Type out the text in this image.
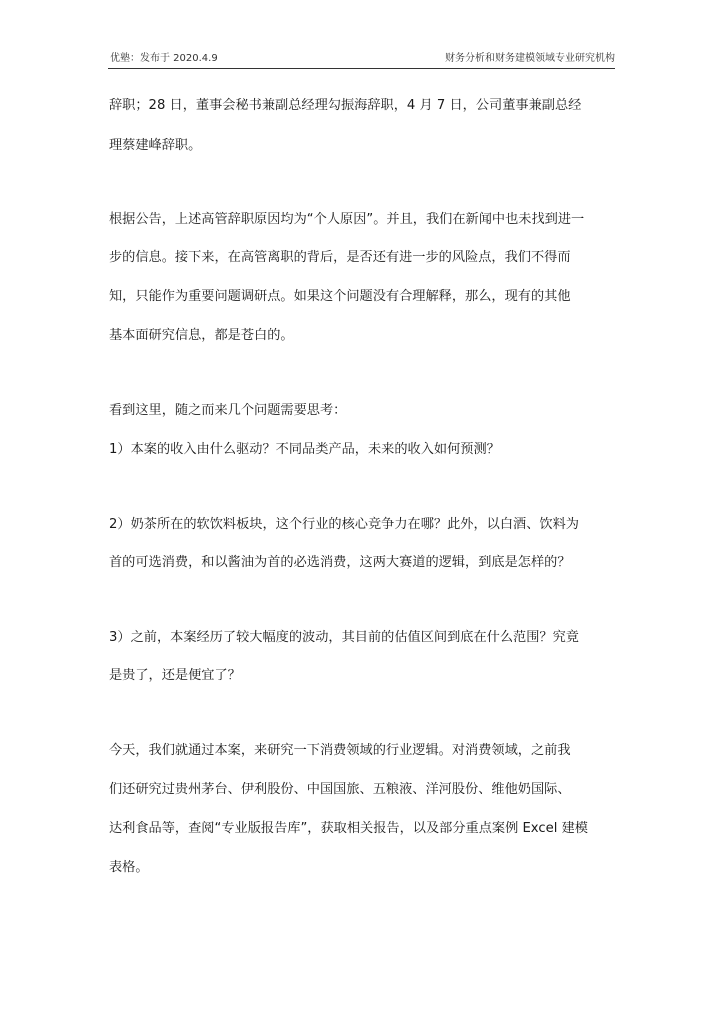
优塾：发布于 2020.4.9	财务分析和财务建模领域专业研究机构
辞职；28 日，董事会秘书兼副总经理勾振海辞职，4 月 7 日，公司董事兼副总经
理蔡建峰辞职。
根据公告，上述高管辞职原因均为“个人原因”。并且，我们在新闻中也未找到进一
步的信息。接下来，在高管离职的背后，是否还有进一步的风险点，我们不得而
知，只能作为重要问题调研点。如果这个问题没有合理解释，那么，现有的其他
基本面研究信息，都是苍白的。
看到这里，随之而来几个问题需要思考：
1）本案的收入由什么驱动？不同品类产品，未来的收入如何预测？
2）奶茶所在的软饮料板块，这个行业的核心竞争力在哪？此外，以白酒、饮料为
首的可选消费，和以酱油为首的必选消费，这两大赛道的逻辑，到底是怎样的？
3）之前，本案经历了较大幅度的波动，其目前的估值区间到底在什么范围？究竟
是贵了，还是便宜了？
今天，我们就通过本案，来研究一下消费领域的行业逻辑。对消费领域，之前我
们还研究过贵州茅台、伊利股份、中国国旅、五粮液、洋河股份、维他奶国际、
达利食品等，查阅“专业版报告库”，获取相关报告，以及部分重点案例 Excel 建模
表格。
